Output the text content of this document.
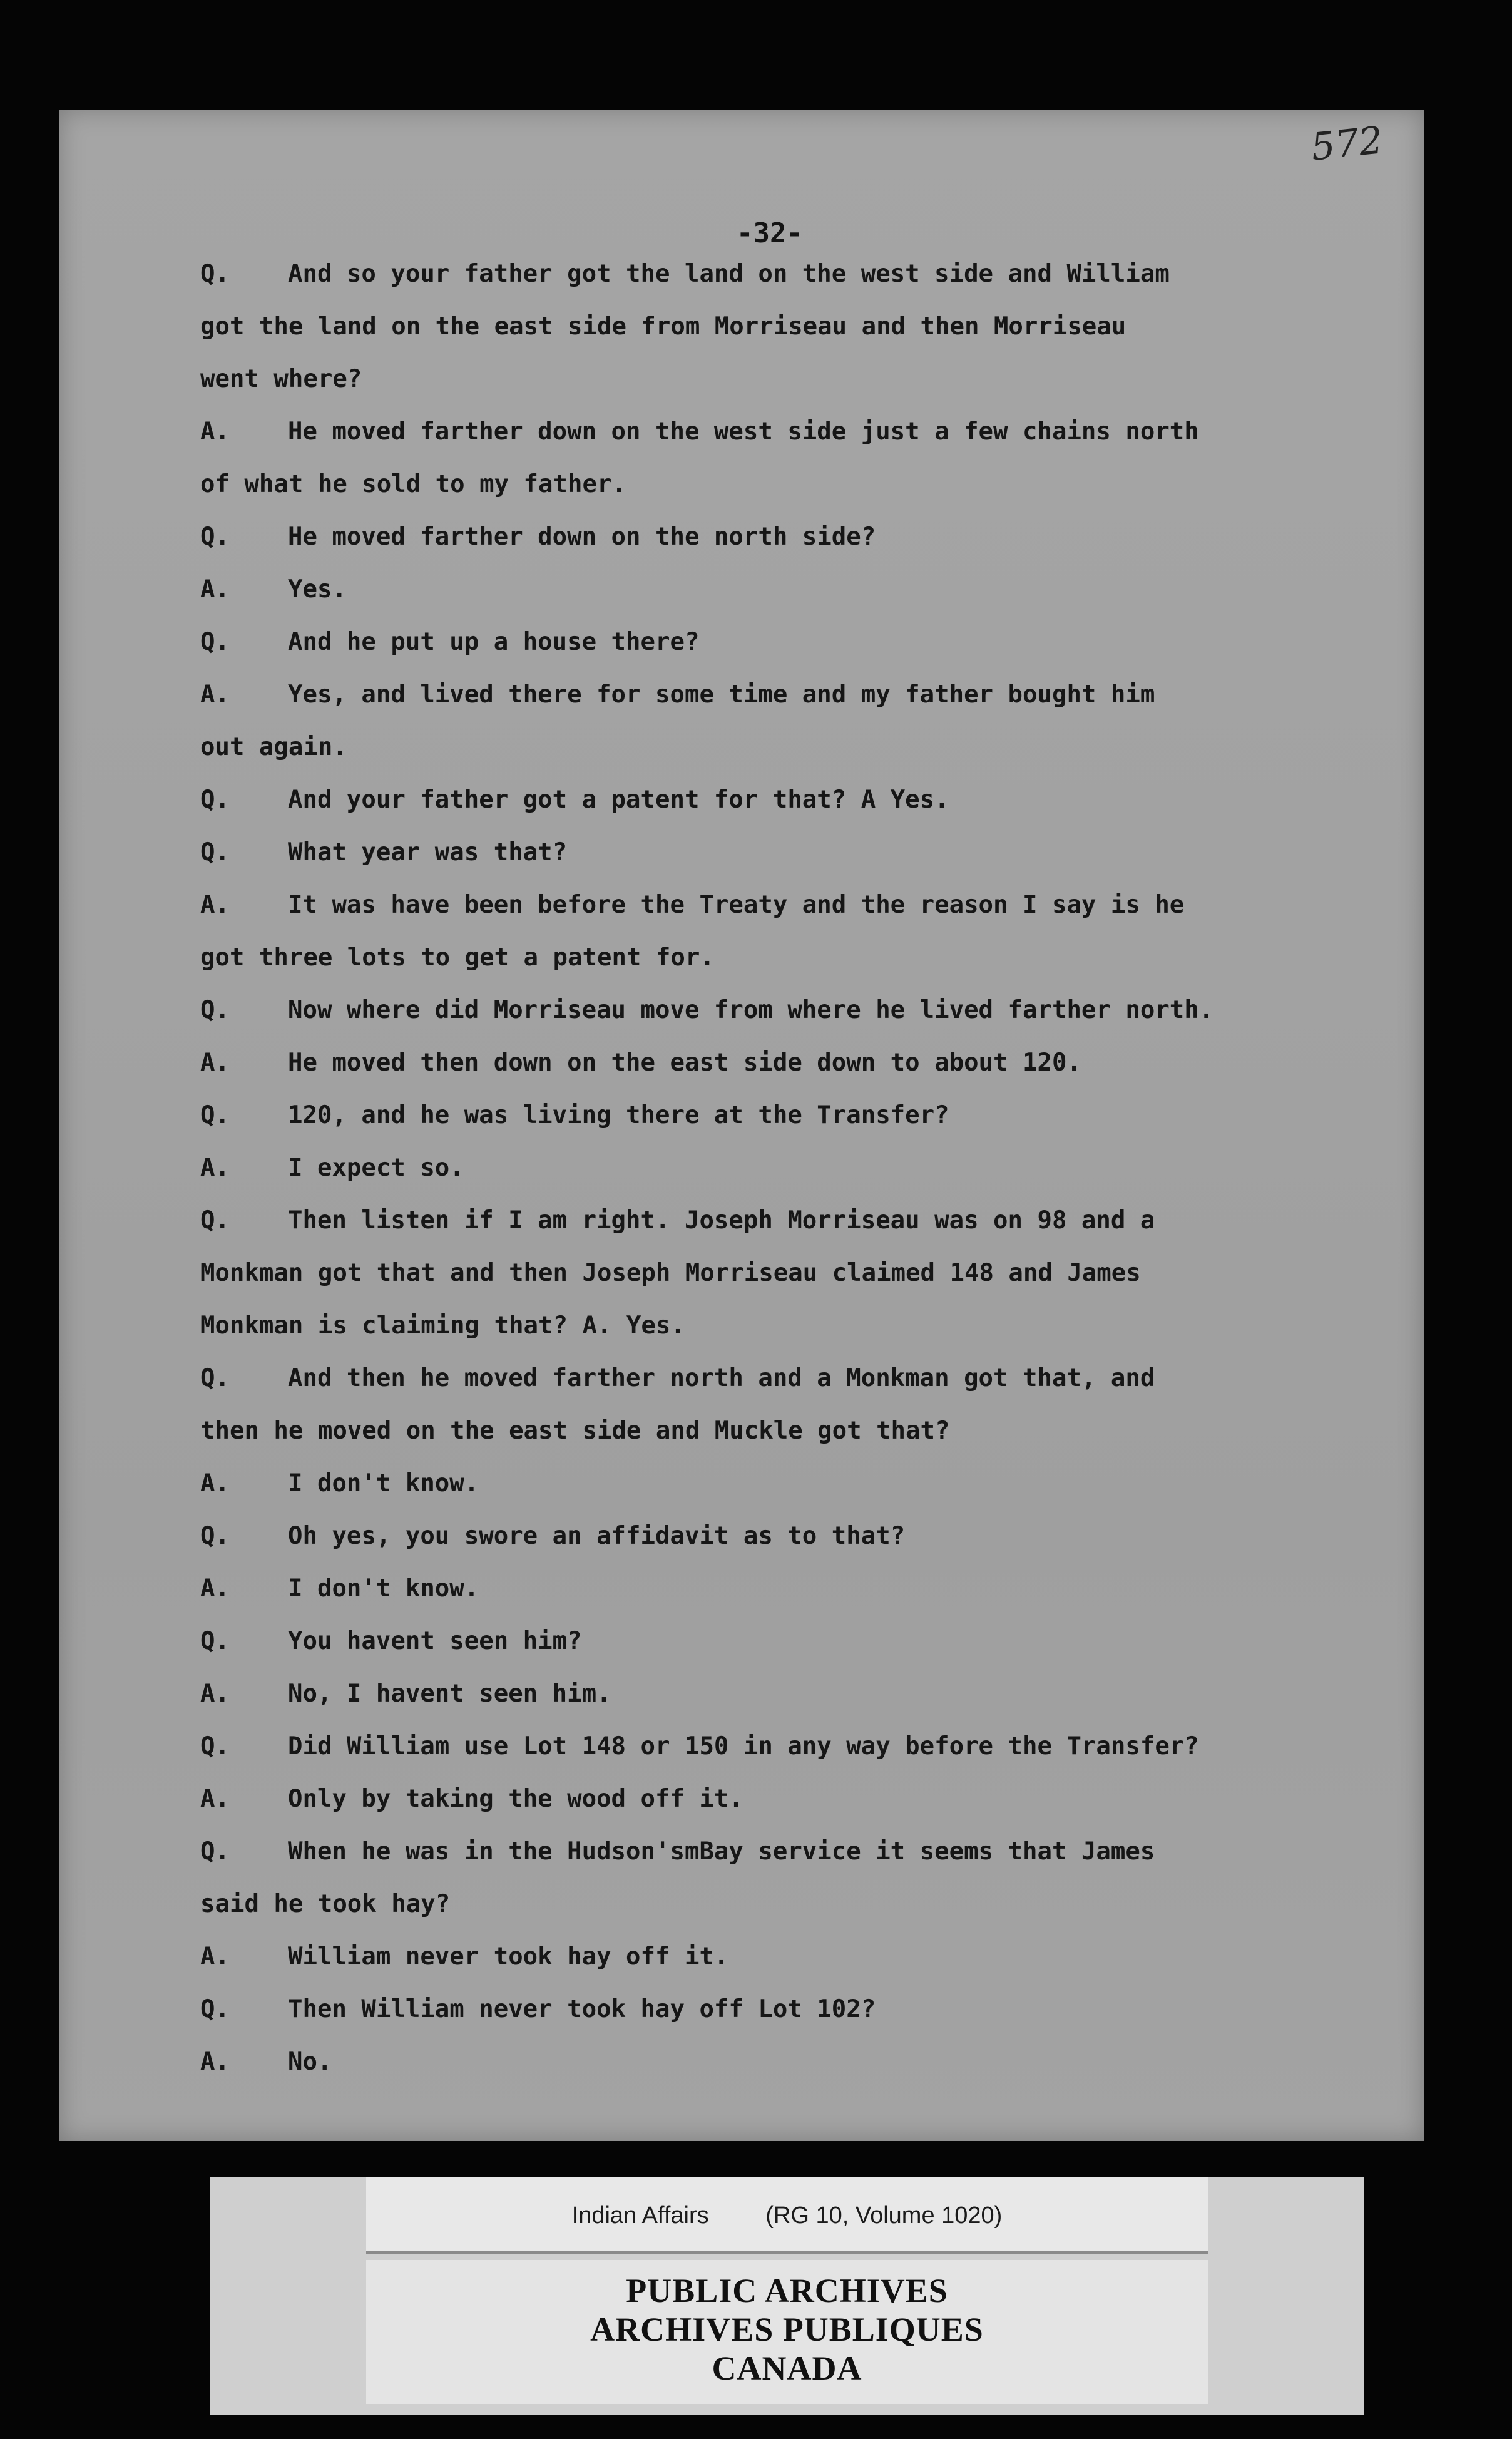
572
-32-
Q. And so your father got the land on the west side and William
got the land on the east side from Morriseau and then Morriseau
went where?
A. He moved farther down on the west side just a few chains north
of what he sold to my father.
Q. He moved farther down on the north side?
A. Yes.
Q. And he put up a house there?
A. Yes, and lived there for some time and my father bought him
out again.
Q. And your father got a patent for that? A Yes.
Q. What year was that?
A. It was have been before the Treaty and the reason I say is he
got three lots to get a patent for.
Q. Now where did Morriseau move from where he lived farther north.
A. He moved then down on the east side down to about 120.
Q. 120, and he was living there at the Transfer?
A. I expect so.
Q. Then listen if I am right. Joseph Morriseau was on 98 and a
Monkman got that and then Joseph Morriseau claimed 148 and James
Monkman is claiming that? A. Yes.
Q. And then he moved farther north and a Monkman got that, and
then he moved on the east side and Muckle got that?
A. I don't know.
Q. Oh yes, you swore an affidavit as to that?
A. I don't know.
Q. You havent seen him?
A. No, I havent seen him.
Q. Did William use Lot 148 or 150 in any way before the Transfer?
A. Only by taking the wood off it.
Q. When he was in the Hudson'smBay service it seems that James
said he took hay?
A. William never took hay off it.
Q. Then William never took hay off Lot 102?
A. No.
Indian Affairs (RG 10, Volume 1020)
PUBLIC ARCHIVES
ARCHIVES PUBLIQUES
CANADA
